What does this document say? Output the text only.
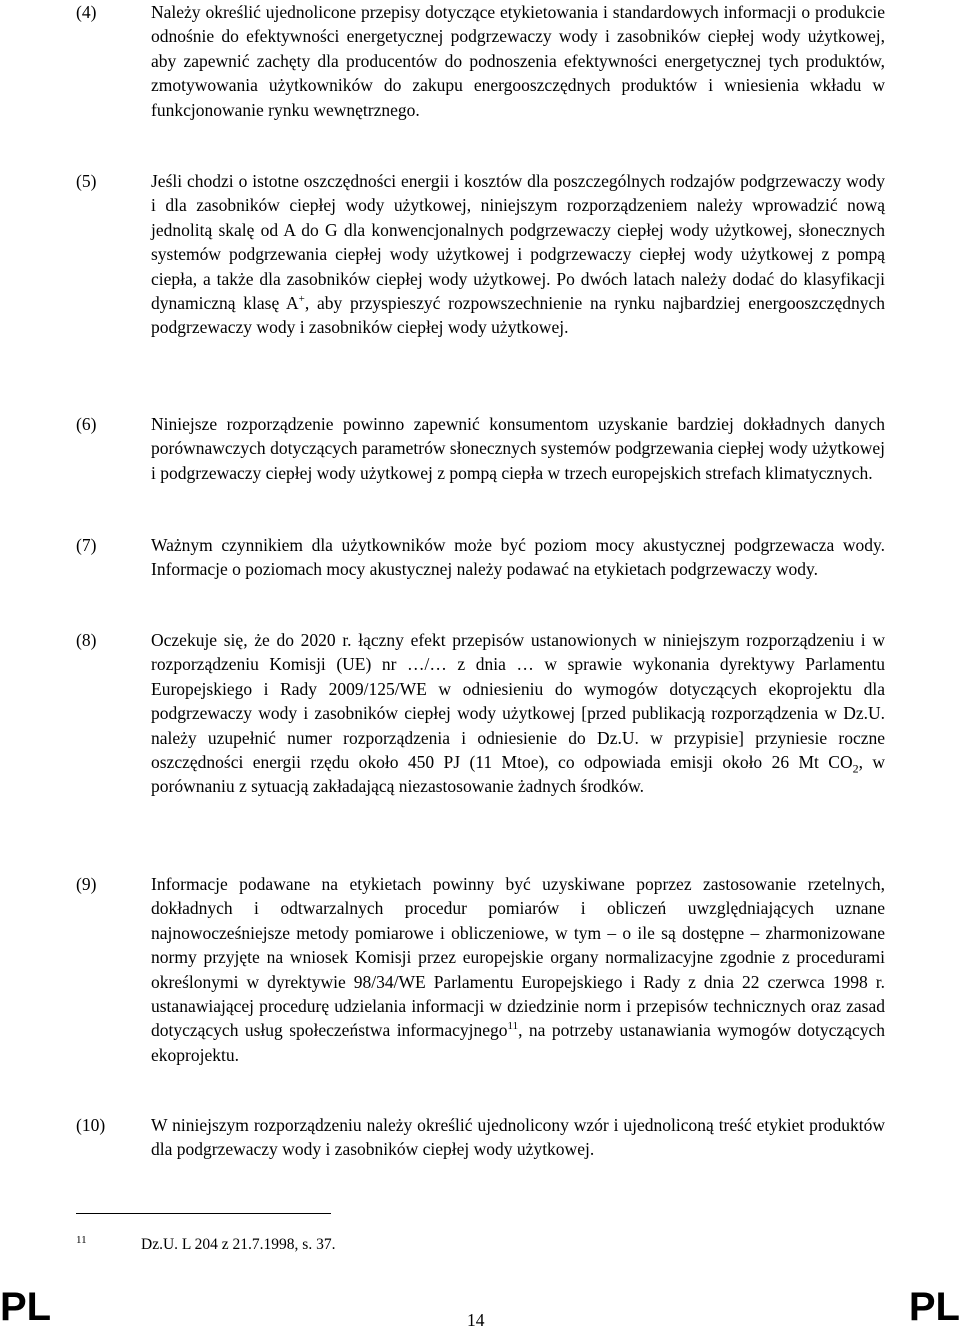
(4)	Należy określić ujednolicone przepisy dotyczące etykietowania i standardowych informacji o produkcie odnośnie do efektywności energetycznej podgrzewaczy wody i zasobników ciepłej wody użytkowej, aby zapewnić zachęty dla producentów do podnoszenia efektywności energetycznej tych produktów, zmotywowania użytkowników do zakupu energooszczędnych produktów i wniesienia wkładu w funkcjonowanie rynku wewnętrznego.
(5)	Jeśli chodzi o istotne oszczędności energii i kosztów dla poszczególnych rodzajów podgrzewaczy wody i dla zasobników ciepłej wody użytkowej, niniejszym rozporządzeniem należy wprowadzić nową jednolitą skalę od A do G dla konwencjonalnych podgrzewaczy ciepłej wody użytkowej, słonecznych systemów podgrzewania ciepłej wody użytkowej i podgrzewaczy ciepłej wody użytkowej z pompą ciepła, a także dla zasobników ciepłej wody użytkowej. Po dwóch latach należy dodać do klasyfikacji dynamiczną klasę A+, aby przyspieszyć rozpowszechnienie na rynku najbardziej energooszczędnych podgrzewaczy wody i zasobników ciepłej wody użytkowej.
(6)	Niniejsze rozporządzenie powinno zapewnić konsumentom uzyskanie bardziej dokładnych danych porównawczych dotyczących parametrów słonecznych systemów podgrzewania ciepłej wody użytkowej i podgrzewaczy ciepłej wody użytkowej z pompą ciepła w trzech europejskich strefach klimatycznych.
(7)	Ważnym czynnikiem dla użytkowników może być poziom mocy akustycznej podgrzewacza wody. Informacje o poziomach mocy akustycznej należy podawać na etykietach podgrzewaczy wody.
(8)	Oczekuje się, że do 2020 r. łączny efekt przepisów ustanowionych w niniejszym rozporządzeniu i w rozporządzeniu Komisji (UE) nr …/… z dnia … w sprawie wykonania dyrektywy Parlamentu Europejskiego i Rady 2009/125/WE w odniesieniu do wymogów dotyczących ekoprojektu dla podgrzewaczy wody i zasobników ciepłej wody użytkowej [przed publikacją rozporządzenia w Dz.U. należy uzupełnić numer rozporządzenia i odniesienie do Dz.U. w przypisie] przyniesie roczne oszczędności energii rzędu około 450 PJ (11 Mtoe), co odpowiada emisji około 26 Mt $CO_2$, w porównaniu z sytuacją zakładającą niezastosowanie żadnych środków.
(9)	Informacje podawane na etykietach powinny być uzyskiwane poprzez zastosowanie rzetelnych, dokładnych i odtwarzalnych procedur pomiarów i obliczeń uwzględniających uznane najnowocześniejsze metody pomiarowe i obliczeniowe, w tym – o ile są dostępne – zharmonizowane normy przyjęte na wniosek Komisji przez europejskie organy normalizacyjne zgodnie z procedurami określonymi w dyrektywie 98/34/WE Parlamentu Europejskiego i Rady z dnia 22 czerwca 1998 r. ustanawiającej procedurę udzielania informacji w dziedzinie norm i przepisów technicznych oraz zasad dotyczących usług społeczeństwa informacyjnego$^{11}$, na potrzeby ustanawiania wymogów dotyczących ekoprojektu.
(10)	W niniejszym rozporządzeniu należy określić ujednolicony wzór i ujednoliconą treść etykiet produktów dla podgrzewaczy wody i zasobników ciepłej wody użytkowej.
11	Dz.U. L 204 z 21.7.1998, s. 37.
PL	14	PL
